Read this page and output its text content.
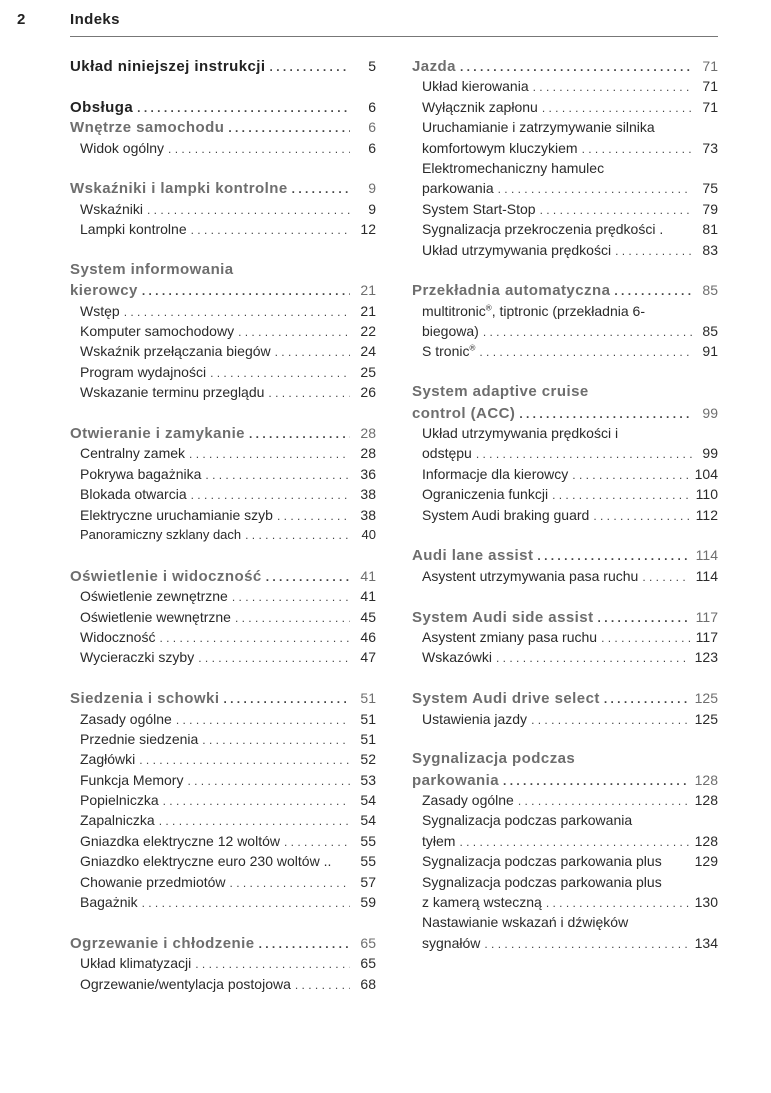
2	Indeks
Układ niniejszej instrukcji . . .	5
Obsługa . . .	6
Wnętrze samochodu . . .	6
Widok ogólny . . .	6
Wskaźniki i lampki kontrolne . . .	9
Wskaźniki . . .	9
Lampki kontrolne . . .	12
System informowania
kierowcy . . .	21
Wstęp . . .	21
Komputer samochodowy . . .	22
Wskaźnik przełączania biegów . . .	24
Program wydajności . . .	25
Wskazanie terminu przeglądu . . .	26
Otwieranie i zamykanie . . .	28
Centralny zamek . . .	28
Pokrywa bagażnika . . .	36
Blokada otwarcia . . .	38
Elektryczne uruchamianie szyb . . .	38
Panoramiczny szklany dach . . .	40
Oświetlenie i widoczność . . .	41
Oświetlenie zewnętrzne . . .	41
Oświetlenie wewnętrzne . . .	45
Widoczność . . .	46
Wycieraczki szyby . . .	47
Siedzenia i schowki . . .	51
Zasady ogólne . . .	51
Przednie siedzenia . . .	51
Zagłówki . . .	52
Funkcja Memory . . .	53
Popielniczka . . .	54
Zapalniczka . . .	54
Gniazdka elektryczne 12 woltów . . .	55
Gniazdko elektryczne euro 230 woltów ..	55
Chowanie przedmiotów . . .	57
Bagażnik . . .	59
Ogrzewanie i chłodzenie . . .	65
Układ klimatyzacji . . .	65
Ogrzewanie/wentylacja postojowa . . .	68
Jazda . . .	71
Układ kierowania . . .	71
Wyłącznik zapłonu . . .	71
Uruchamianie i zatrzymywanie silnika
komfortowym kluczykiem . . .	73
Elektromechaniczny hamulec
parkowania . . .	75
System Start-Stop . . .	79
Sygnalizacja przekroczenia prędkości .	81
Układ utrzymywania prędkości . . .	83
Przekładnia automatyczna . . .	85
multitronic®, tiptronic (przekładnia 6-
biegowa) . . .	85
S tronic® . . .	91
System adaptive cruise
control (ACC) . . .	99
Układ utrzymywania prędkości i
odstępu . . .	99
Informacje dla kierowcy . . .	104
Ograniczenia funkcji . . .	110
System Audi braking guard . . .	112
Audi lane assist . . .	114
Asystent utrzymywania pasa ruchu . . .	114
System Audi side assist . . .	117
Asystent zmiany pasa ruchu . . .	117
Wskazówki . . .	123
System Audi drive select . . .	125
Ustawienia jazdy . . .	125
Sygnalizacja podczas
parkowania . . .	128
Zasady ogólne . . .	128
Sygnalizacja podczas parkowania
tyłem . . .	128
Sygnalizacja podczas parkowania plus 129
Sygnalizacja podczas parkowania plus
z kamerą wsteczną . . .	130
Nastawianie wskazań i dźwięków
sygnałów . . .	134
